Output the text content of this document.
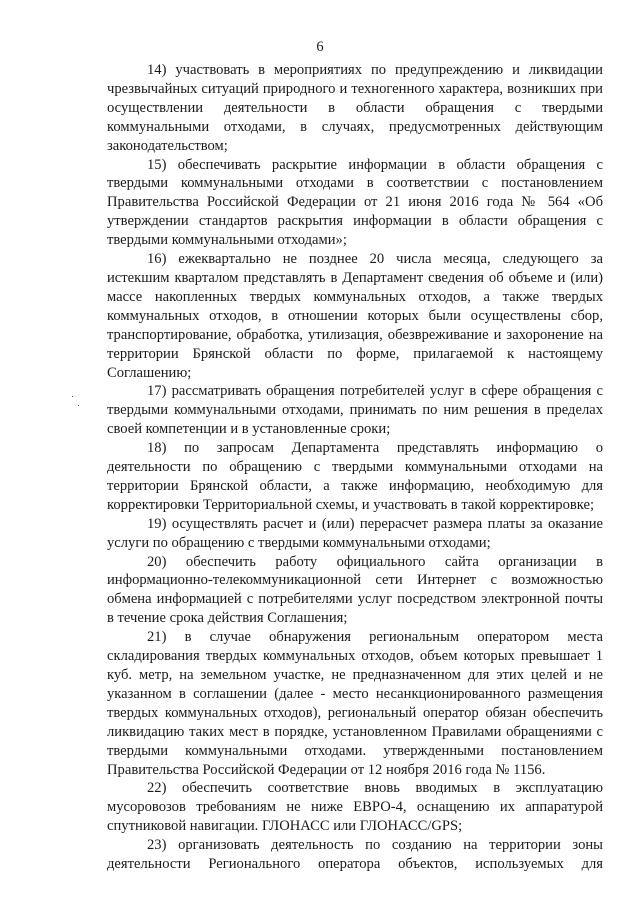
6

14) участвовать в мероприятиях по предупреждению и ликвидации чрезвычайных ситуаций природного и техногенного характера, возникших при осуществлении деятельности в области обращения с твердыми коммунальными отходами, в случаях, предусмотренных действующим законодательством;

15) обеспечивать раскрытие информации в области обращения с твердыми коммунальными отходами в соответствии с постановлением Правительства Российской Федерации от 21 июня 2016 года № 564 «Об утверждении стандартов раскрытия информации в области обращения с твердыми коммунальными отходами»;

16) ежеквартально не позднее 20 числа месяца, следующего за истекшим кварталом представлять в Департамент сведения об объеме и (или) массе накопленных твердых коммунальных отходов, а также твердых коммунальных отходов, в отношении которых были осуществлены сбор, транспортирование, обработка, утилизация, обезвреживание и захоронение на территории Брянской области по форме, прилагаемой к настоящему Соглашению;

17) рассматривать обращения потребителей услуг в сфере обращения с твердыми коммунальными отходами, принимать по ним решения в пределах своей компетенции и в установленные сроки;

18) по запросам Департамента представлять информацию о деятельности по обращению с твердыми коммунальными отходами на территории Брянской области, а также информацию, необходимую для корректировки Территориальной схемы, и участвовать в такой корректировке;

19) осуществлять расчет и (или) перерасчет размера платы за оказание услуги по обращению с твердыми коммунальными отходами;

20) обеспечить работу официального сайта организации в информационно-телекоммуникационной сети Интернет с возможностью обмена информацией с потребителями услуг посредством электронной почты в течение срока действия Соглашения;

21) в случае обнаружения региональным оператором места складирования твердых коммунальных отходов, объем которых превышает 1 куб. метр, на земельном участке, не предназначенном для этих целей и не указанном в соглашении (далее - место несанкционированного размещения твердых коммунальных отходов), региональный оператор обязан обеспечить ликвидацию таких мест в порядке, установленном Правилами обращениями с твердыми коммунальными отходами. утвержденными постановлением Правительства Российской Федерации от 12 ноября 2016 года № 1156.

22) обеспечить соответствие вновь вводимых в эксплуатацию мусоровозов требованиям не ниже ЕВРО-4, оснащению их аппаратурой спутниковой навигации. ГЛОНАСС или ГЛОНАСС/GPS;

23) организовать деятельность по созданию на территории зоны деятельности Регионального оператора объектов, используемых для
